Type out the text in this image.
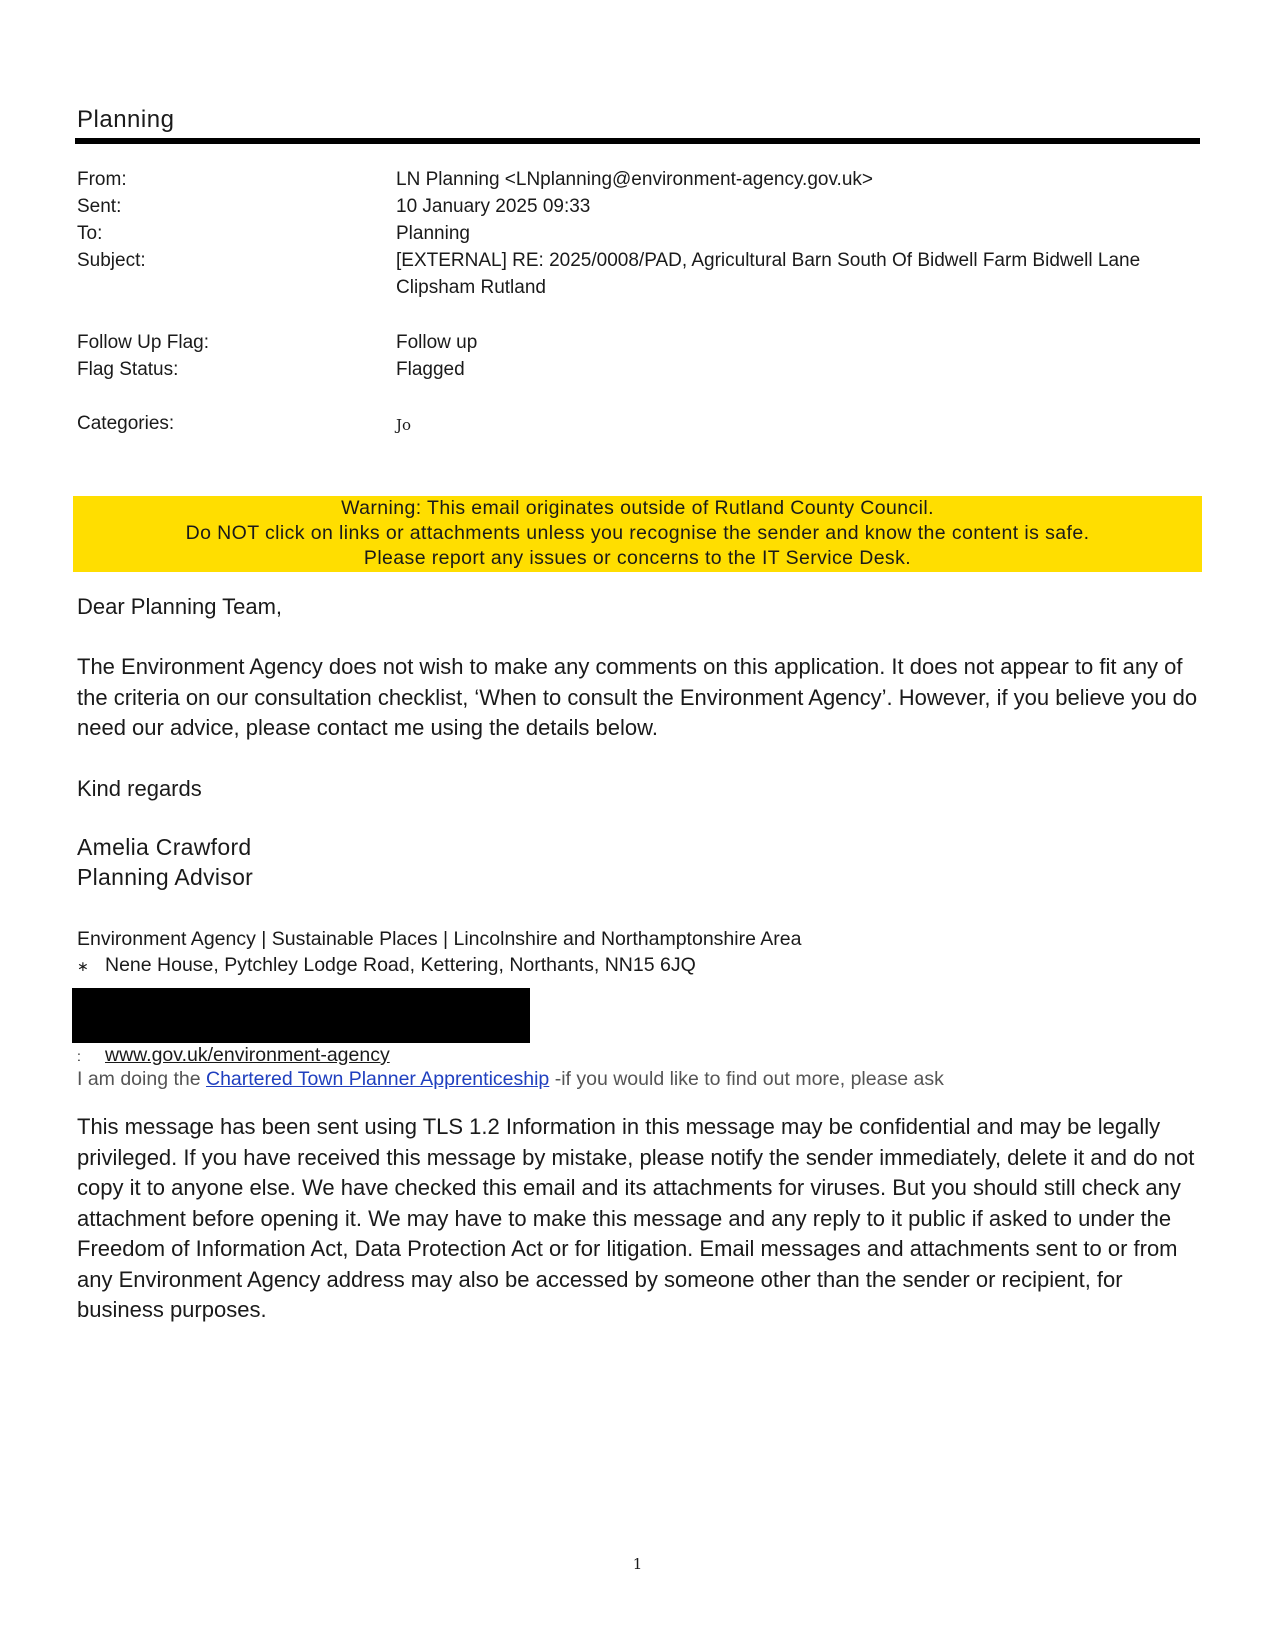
Planning
From:	LN Planning <LNplanning@environment-agency.gov.uk>
Sent:	10 January 2025 09:33
To:	Planning
Subject:	[EXTERNAL] RE: 2025/0008/PAD, Agricultural Barn South Of Bidwell Farm Bidwell Lane
Clipsham Rutland
Follow Up Flag:	Follow up
Flag Status:	Flagged
Categories:	Jo
Warning: This email originates outside of Rutland County Council.
Do NOT click on links or attachments unless you recognise the sender and know the content is safe.
Please report any issues or concerns to the IT Service Desk.
Dear Planning Team,
The Environment Agency does not wish to make any comments on this application. It does not appear to fit any of the criteria on our consultation checklist, ‘When to consult the Environment Agency’. However, if you believe you do need our advice, please contact me using the details below.
Kind regards
Amelia Crawford
Planning Advisor
Environment Agency | Sustainable Places | Lincolnshire and Northamptonshire Area
∗ Nene House, Pytchley Lodge Road, Kettering, Northants, NN15 6JQ
: www.gov.uk/environment-agency
I am doing the Chartered Town Planner Apprenticeship -if you would like to find out more, please ask
This message has been sent using TLS 1.2 Information in this message may be confidential and may be legally privileged. If you have received this message by mistake, please notify the sender immediately, delete it and do not copy it to anyone else. We have checked this email and its attachments for viruses. But you should still check any attachment before opening it. We may have to make this message and any reply to it public if asked to under the Freedom of Information Act, Data Protection Act or for litigation. Email messages and attachments sent to or from any Environment Agency address may also be accessed by someone other than the sender or recipient, for business purposes.
1
